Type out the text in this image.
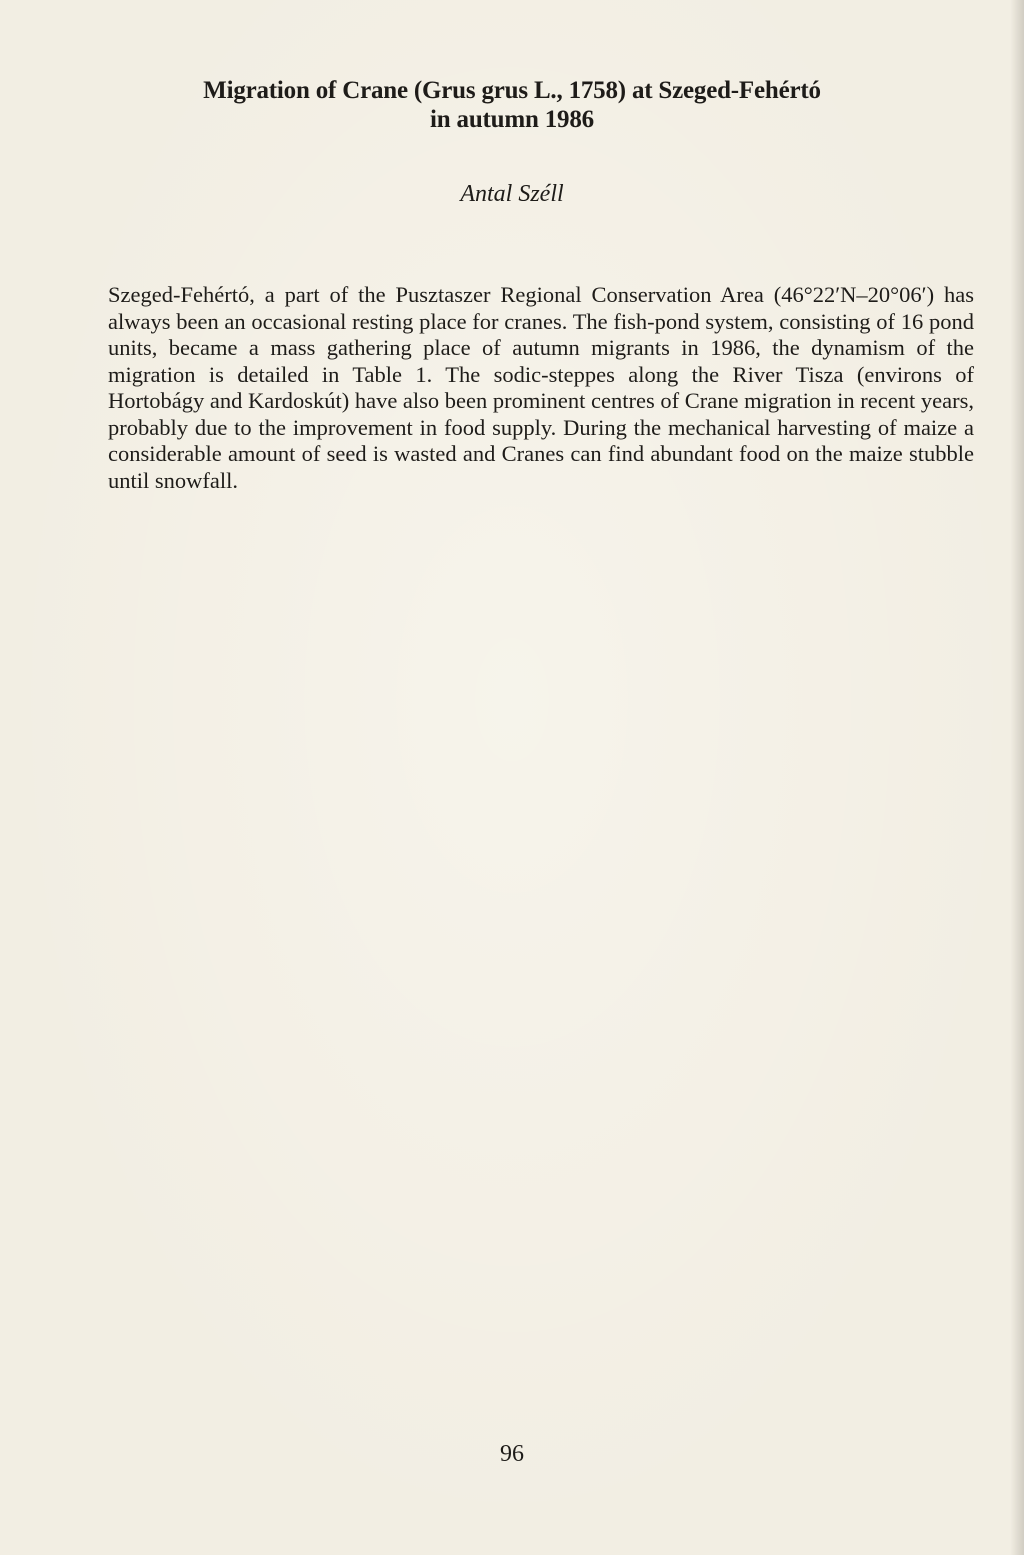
Migration of Crane (Grus grus L., 1758) at Szeged-Fehértó
in autumn 1986

Antal Széll

Szeged-Fehértó, a part of the Pusztaszer Regional Conservation Area (46°22′N–20°06′) has always been an occasional resting place for cranes. The fish-pond system, consisting of 16 pond units, became a mass gathering place of autumn migrants in 1986, the dynamism of the migration is detailed in Table 1. The sodic-steppes along the River Tisza (environs of Hortobágy and Kardoskút) have also been prominent centres of Crane migration in recent years, probably due to the improvement in food supply. During the mechanical harvesting of maize a considerable amount of seed is wasted and Cranes can find abundant food on the maize stubble until snowfall.

96
